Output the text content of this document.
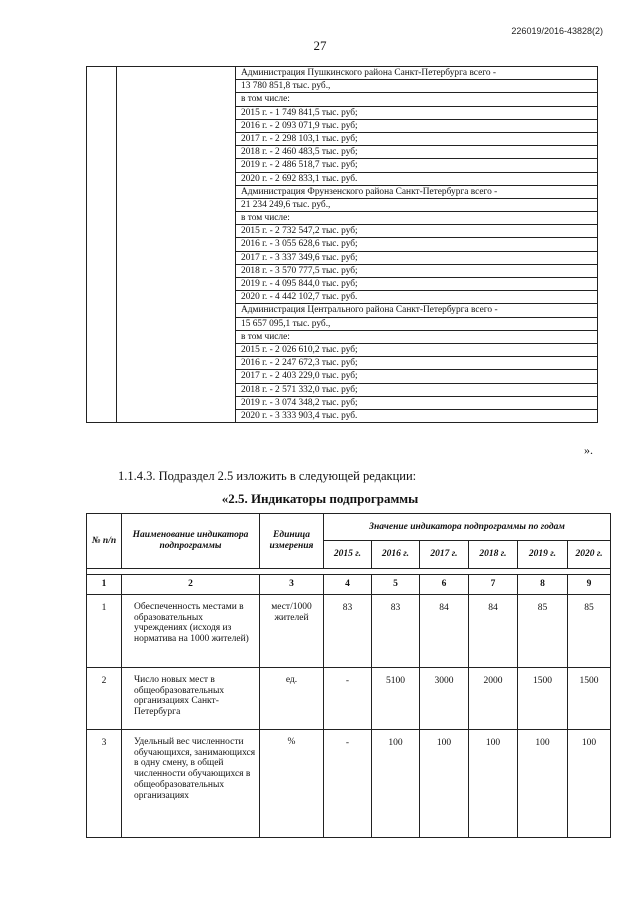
226019/2016-43828(2)
27
		Администрация Пушкинского района Санкт-Петербурга всего -
13 780 851,8 тыс. руб.,
в том числе:
2015 г. - 1 749 841,5 тыс. руб;
2016 г. - 2 093 071,9 тыс. руб;
2017 г. - 2 298 103,1 тыс. руб;
2018 г. - 2 460 483,5 тыс. руб;
2019 г. - 2 486 518,7 тыс. руб;
2020 г. - 2 692 833,1 тыс. руб.
Администрация Фрунзенского района Санкт-Петербурга всего -
21 234 249,6 тыс. руб.,
в том числе:
2015 г. - 2 732 547,2 тыс. руб;
2016 г. - 3 055 628,6 тыс. руб;
2017 г. - 3 337 349,6 тыс. руб;
2018 г. - 3 570 777,5 тыс. руб;
2019 г. - 4 095 844,0 тыс. руб;
2020 г. - 4 442 102,7 тыс. руб.
Администрация Центрального района Санкт-Петербурга всего -
15 657 095,1 тыс. руб.,
в том числе:
2015 г. - 2 026 610,2 тыс. руб;
2016 г. - 2 247 672,3 тыс. руб;
2017 г. - 2 403 229,0 тыс. руб;
2018 г. - 2 571 332,0 тыс. руб;
2019 г. - 3 074 348,2 тыс. руб;
2020 г. - 3 333 903,4 тыс. руб.
».
1.1.4.3. Подраздел 2.5 изложить в следующей редакции:
«2.5. Индикаторы подпрограммы
№ п/п	Наименование индикатора подпрограммы	Единица измерения	Значение индикатора подпрограммы по годам					
			2015 г.	2016 г.	2017 г.	2018 г.	2019 г.	2020 г.

1	2	3	4	5	6	7	8	9
1	Обеспеченность местами в образовательных учреждениях (исходя из норматива на 1000 жителей)	мест/1000 жителей	83	83	84	84	85	85
2	Число новых мест в общеобразовательных организациях Санкт-Петербурга	ед.	-	5100	3000	2000	1500	1500
3	Удельный вес численности обучающихся, занимающихся в одну смену, в общей численности обучающихся в общеобразовательных организациях	%	-	100	100	100	100	100
